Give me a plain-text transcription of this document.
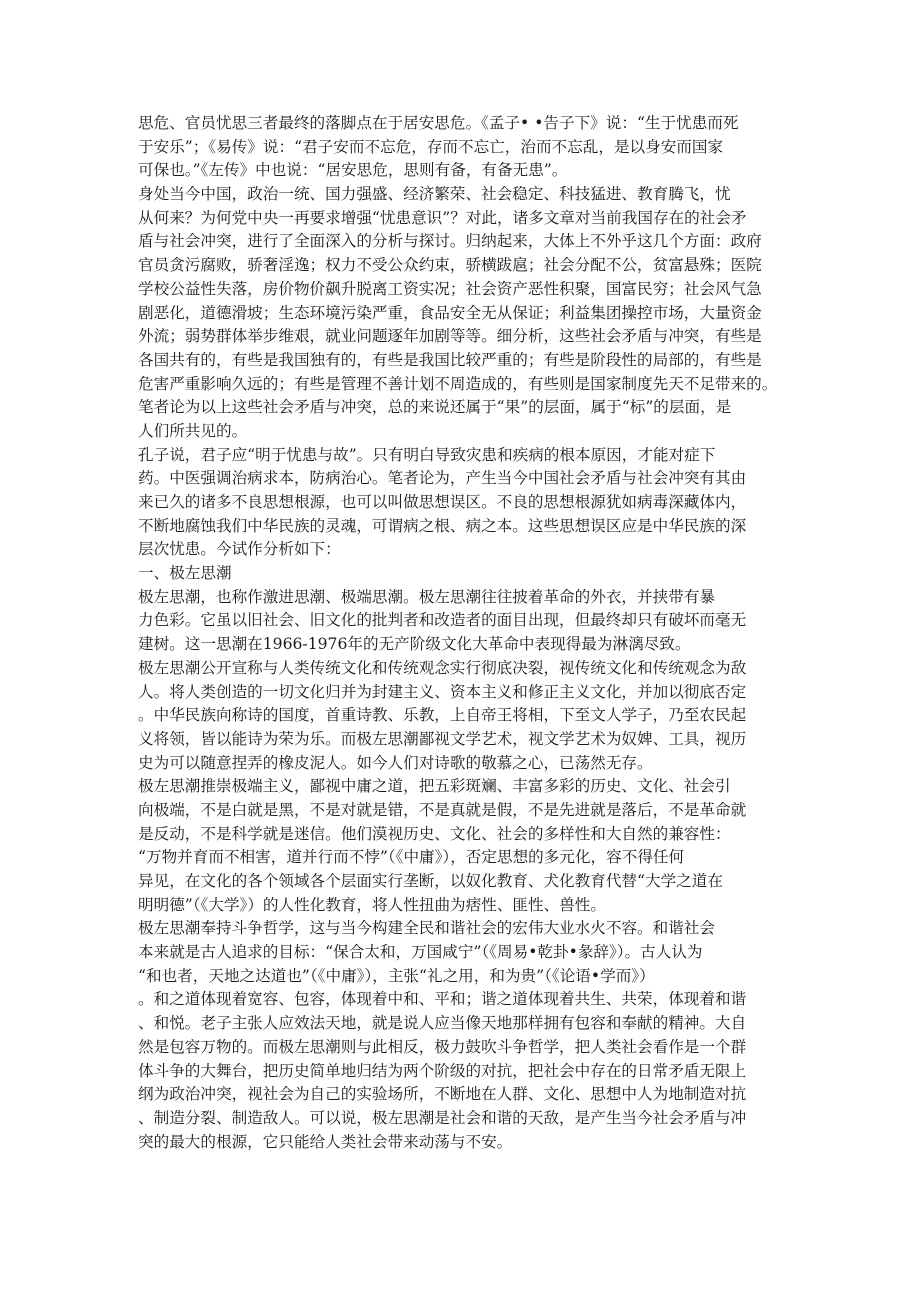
思危、官员忧思三者最终的落脚点在于居安思危。《孟子• •告子下》说：“生于忧患而死
于安乐”；《易传》说：“君子安而不忘危，存而不忘亡，治而不忘乱，是以身安而国家
可保也。”《左传》中也说：“居安思危，思则有备，有备无患”。
身处当今中国，政治一统、国力强盛、经济繁荣、社会稳定、科技猛进、教育腾飞，忧
从何来？为何党中央一再要求增强“忧患意识”？对此，诸多文章对当前我国存在的社会矛
盾与社会冲突，进行了全面深入的分析与探讨。归纳起来，大体上不外乎这几个方面：政府
官员贪污腐败，骄奢淫逸；权力不受公众约束，骄横跋扈；社会分配不公，贫富悬殊；医院
学校公益性失落，房价物价飙升脱离工资实况；社会资产恶性积聚，国富民穷；社会风气急
剧恶化，道德滑坡；生态环境污染严重，食品安全无从保证；利益集团操控市场，大量资金
外流；弱势群体举步维艰，就业问题逐年加剧等等。细分析，这些社会矛盾与冲突，有些是
各国共有的，有些是我国独有的，有些是我国比较严重的；有些是阶段性的局部的，有些是
危害严重影响久远的；有些是管理不善计划不周造成的，有些则是国家制度先天不足带来的。
笔者论为以上这些社会矛盾与冲突，总的来说还属于“果”的层面，属于“标”的层面，是
人们所共见的。
孔子说，君子应“明于忧患与故”。只有明白导致灾患和疾病的根本原因，才能对症下
药。中医强调治病求本，防病治心。笔者论为，产生当今中国社会矛盾与社会冲突有其由
来已久的诸多不良思想根源，也可以叫做思想误区。不良的思想根源犹如病毒深藏体内，
不断地腐蚀我们中华民族的灵魂，可谓病之根、病之本。这些思想误区应是中华民族的深
层次忧患。今试作分析如下：
一、极左思潮
极左思潮，也称作激进思潮、极端思潮。极左思潮往往披着革命的外衣，并挟带有暴
力色彩。它虽以旧社会、旧文化的批判者和改造者的面目出现，但最终却只有破坏而毫无
建树。这一思潮在1966-1976年的无产阶级文化大革命中表现得最为淋漓尽致。
极左思潮公开宣称与人类传统文化和传统观念实行彻底决裂，视传统文化和传统观念为敌
人。将人类创造的一切文化归并为封建主义、资本主义和修正主义文化，并加以彻底否定
。中华民族向称诗的国度，首重诗教、乐教，上自帝王将相，下至文人学子，乃至农民起
义将领，皆以能诗为荣为乐。而极左思潮鄙视文学艺术，视文学艺术为奴婢、工具，视历
史为可以随意捏弄的橡皮泥人。如今人们对诗歌的敬慕之心，已荡然无存。
极左思潮推崇极端主义，鄙视中庸之道，把五彩斑斓、丰富多彩的历史、文化、社会引
向极端，不是白就是黑，不是对就是错，不是真就是假，不是先进就是落后，不是革命就
是反动，不是科学就是迷信。他们漠视历史、文化、社会的多样性和大自然的兼容性：
“万物并育而不相害，道并行而不悖”（《中庸》），否定思想的多元化，容不得任何
异见，在文化的各个领域各个层面实行垄断，以奴化教育、犬化教育代替“大学之道在
明明德”（《大学》）的人性化教育，将人性扭曲为痞性、匪性、兽性。
极左思潮奉持斗争哲学，这与当今构建全民和谐社会的宏伟大业水火不容。和谐社会
本来就是古人追求的目标：“保合太和，万国咸宁”（《周易•乾卦•彖辞》）。古人认为
“和也者，天地之达道也”（《中庸》），主张“礼之用，和为贵”（《论语•学而》）
。和之道体现着宽容、包容，体现着中和、平和；谐之道体现着共生、共荣，体现着和谐
、和悦。老子主张人应效法天地，就是说人应当像天地那样拥有包容和奉献的精神。大自
然是包容万物的。而极左思潮则与此相反，极力鼓吹斗争哲学，把人类社会看作是一个群
体斗争的大舞台，把历史简单地归结为两个阶级的对抗，把社会中存在的日常矛盾无限上
纲为政治冲突，视社会为自己的实验场所，不断地在人群、文化、思想中人为地制造对抗
、制造分裂、制造敌人。可以说，极左思潮是社会和谐的天敌，是产生当今社会矛盾与冲
突的最大的根源，它只能给人类社会带来动荡与不安。
